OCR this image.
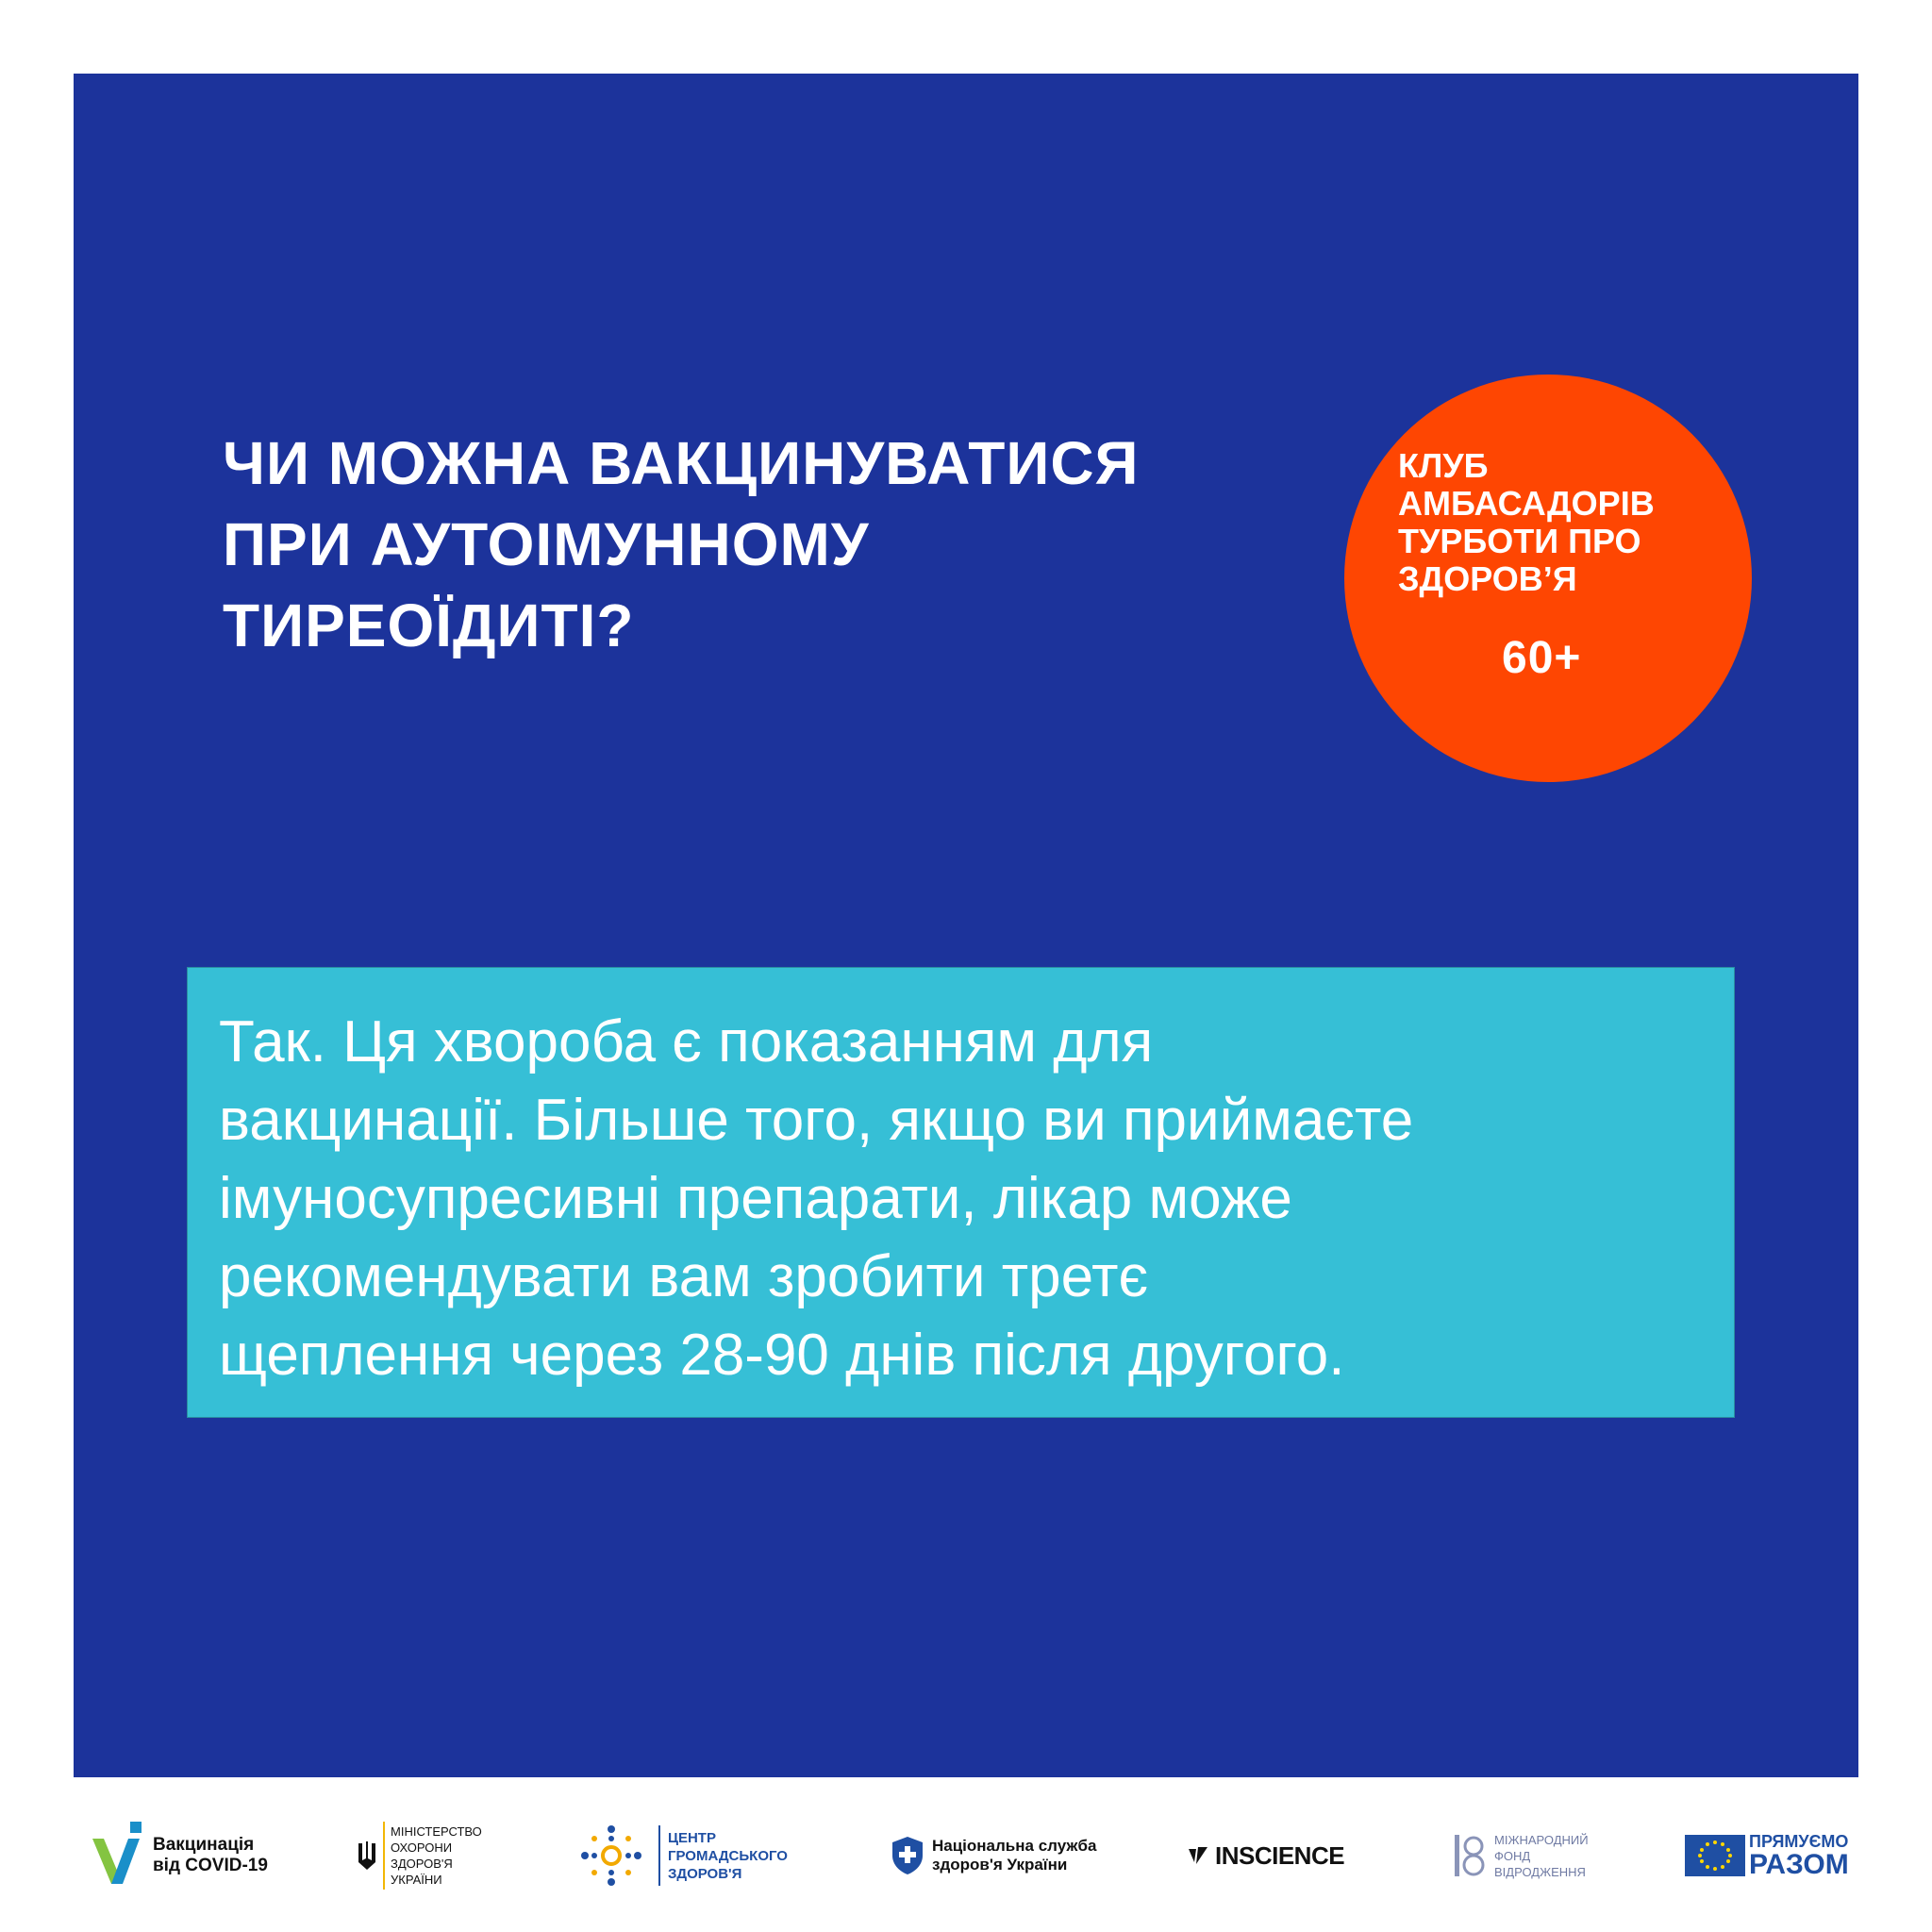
ЧИ МОЖНА ВАКЦИНУВАТИСЯ
ПРИ АУТОІМУННОМУ
ТИРЕОЇДИТІ?
КЛУБ
АМБАСАДОРІВ
ТУРБОТИ ПРО
ЗДОРОВ’Я
60+

Так. Ця хвороба є показанням для
вакцинації. Більше того, якщо ви приймаєте
імуносупресивні препарати, лікар може
рекомендувати вам зробити третє
щеплення через 28-90 днів після другого.

Вакцинація
від COVID-19
МІНІСТЕРСТВО
ОХОРОНИ
ЗДОРОВ'Я
УКРАЇНИ
ЦЕНТР
ГРОМАДСЬКОГО
ЗДОРОВ'Я
Національна служба
здоров'я України	INSCIENCE
МІЖНАРОДНИЙ
ФОНД
ВІДРОДЖЕННЯ
ПРЯМУЄМО
РАЗОМ
